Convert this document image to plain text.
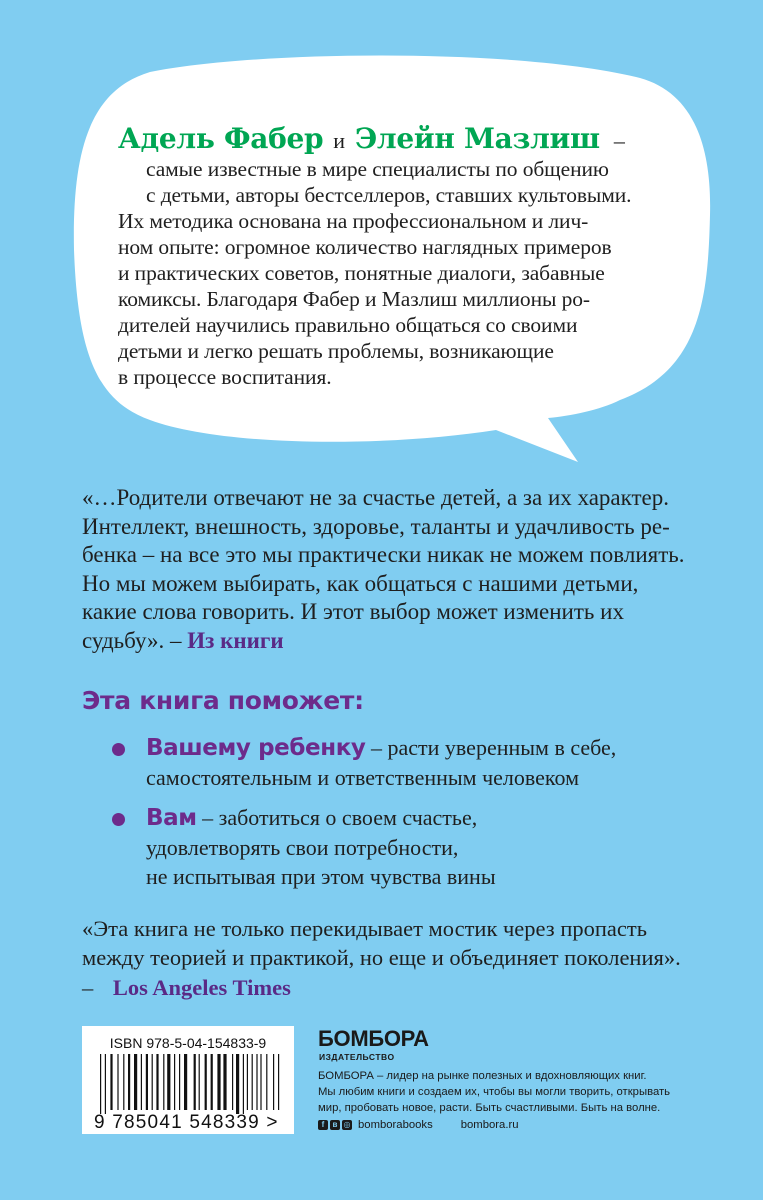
Адель Фабер и Элейн Мазлиш –
самые известные в мире специалисты по общению
с детьми, авторы бестселлеров, ставших культовыми.
Их методика основана на профессиональном и лич-
ном опыте: огромное количество наглядных примеров
и практических советов, понятные диалоги, забавные
комиксы. Благодаря Фабер и Мазлиш миллионы ро-
дителей научились правильно общаться со своими
детьми и легко решать проблемы, возникающие
в процессе воспитания.
«…Родители отвечают не за счастье детей, а за их характер.
Интеллект, внешность, здоровье, таланты и удачливость ре-
бенка – на все это мы практически никак не можем повлиять.
Но мы можем выбирать, как общаться с нашими детьми,
какие слова говорить. И этот выбор может изменить их
судьбу». – Из книги
Эта книга поможет:
Вашему ребенку – расти уверенным в себе,
самостоятельным и ответственным человеком
Вам – заботиться о своем счастье,
удовлетворять свои потребности,
не испытывая при этом чувства вины
«Эта книга не только перекидывает мостик через пропасть
между теорией и практикой, но еще и объединяет поколения».
– Los Angeles Times
ISBN 978-5-04-154833-9
9 785041 548339 >
БОМБОРА
ИЗДАТЕЛЬСТВО
БОМБОРА – лидер на рынке полезных и вдохновляющих книг.
Мы любим книги и создаем их, чтобы вы могли творить, открывать
мир, пробовать новое, расти. Быть счастливыми. Быть на волне.
f	в ◎ bomborabooks bombora.ru
